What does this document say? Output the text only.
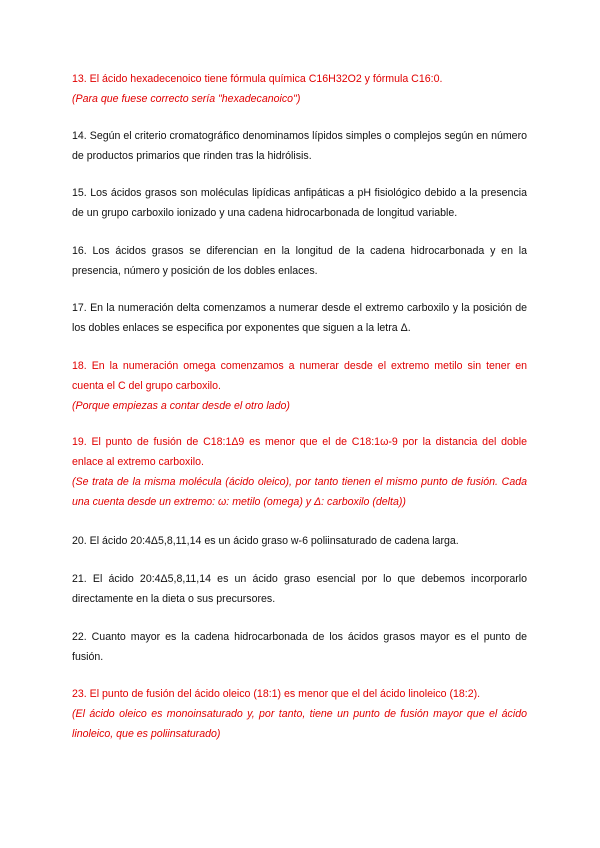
13. El ácido hexadecenoico tiene fórmula química C16H32O2 y fórmula C16:0.

(Para que fuese correcto sería "hexadecanoico")

14. Según el criterio cromatográfico denominamos lípidos simples o complejos según en número de productos primarios que rinden tras la hidrólisis.

15. Los ácidos grasos son moléculas lipídicas anfipáticas a pH fisiológico debido a la presencia de un grupo carboxilo ionizado y una cadena hidrocarbonada de longitud variable.

16. Los ácidos grasos se diferencian en la longitud de la cadena hidrocarbonada y en la presencia, número y posición de los dobles enlaces.

17. En la numeración delta comenzamos a numerar desde el extremo carboxilo y la posición de los dobles enlaces se especifica por exponentes que siguen a la letra Δ.

18. En la numeración omega comenzamos a numerar desde el extremo metilo sin tener en cuenta el C del grupo carboxilo.

(Porque empiezas a contar desde el otro lado)

19. El punto de fusión de C18:1Δ9 es menor que el de C18:1ω-9 por la distancia del doble enlace al extremo carboxilo.

(Se trata de la misma molécula (ácido oleico), por tanto tienen el mismo punto de fusión. Cada una cuenta desde un extremo: ω: metilo (omega) y Δ: carboxilo (delta))

20. El ácido 20:4Δ5,8,11,14 es un ácido graso w-6 poliinsaturado de cadena larga.

21. El ácido 20:4Δ5,8,11,14 es un ácido graso esencial por lo que debemos incorporarlo directamente en la dieta o sus precursores.

22. Cuanto mayor es la cadena hidrocarbonada de los ácidos grasos mayor es el punto de fusión.

23. El punto de fusión del ácido oleico (18:1) es menor que el del ácido linoleico (18:2).

(El ácido oleico es monoinsaturado y, por tanto, tiene un punto de fusión mayor que el ácido linoleico, que es poliinsaturado)
